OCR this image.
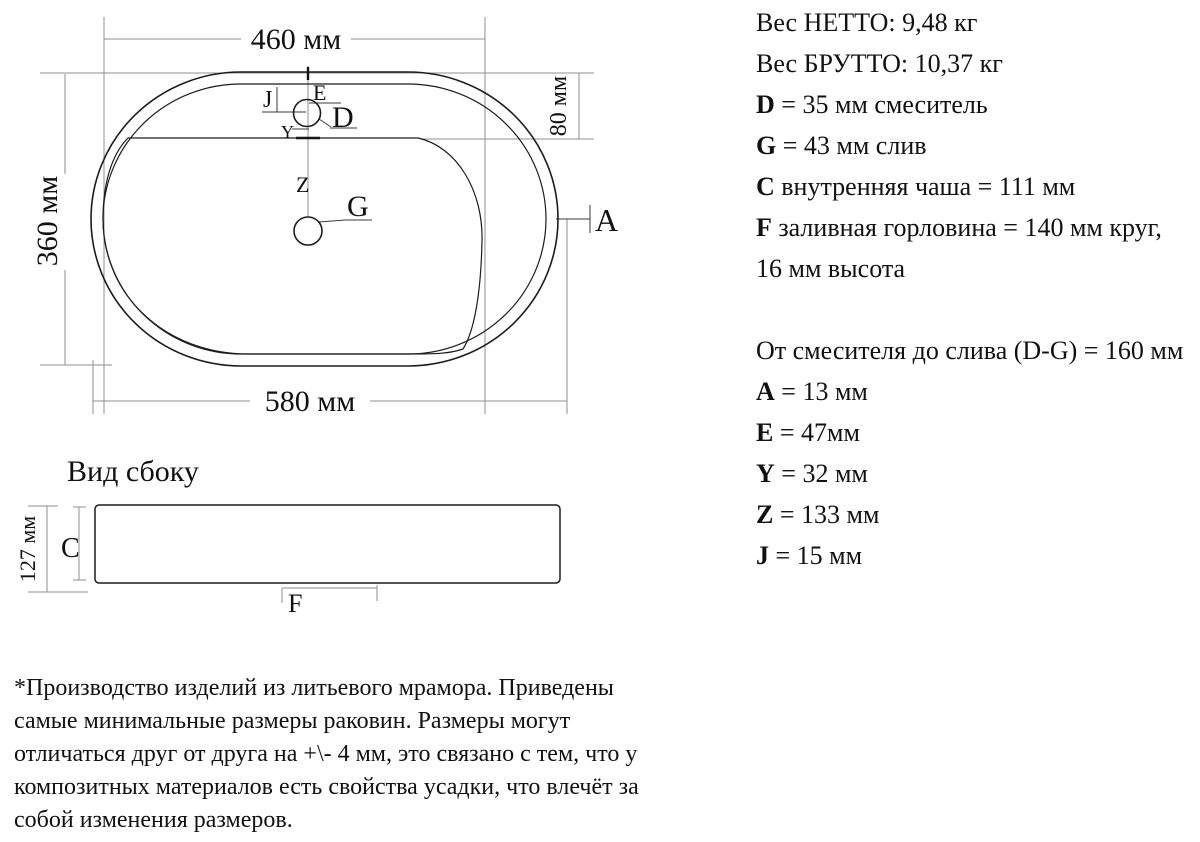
460 мм
360 мм
580 мм
80 мм
J E
D
Y
Z
G	A
Вид сбоку
127 мм C
F
Вес НЕТТО: 9,48 кг
Вес БРУТТО: 10,37 кг
D = 35 мм смеситель
G = 43 мм слив
C внутренняя чаша = 111 мм
F заливная горловина = 140 мм круг,
16 мм высота
От смесителя до слива (D-G) = 160 мм
A = 13 мм
E = 47мм
Y = 32 мм
Z = 133 мм
J = 15 мм
*Производство изделий из литьевого мрамора. Приведены
самые минимальные размеры раковин. Размеры могут
отличаться друг от друга на +\- 4 мм, это связано с тем, что у
композитных материалов есть свойства усадки, что влечёт за
собой изменения размеров.
